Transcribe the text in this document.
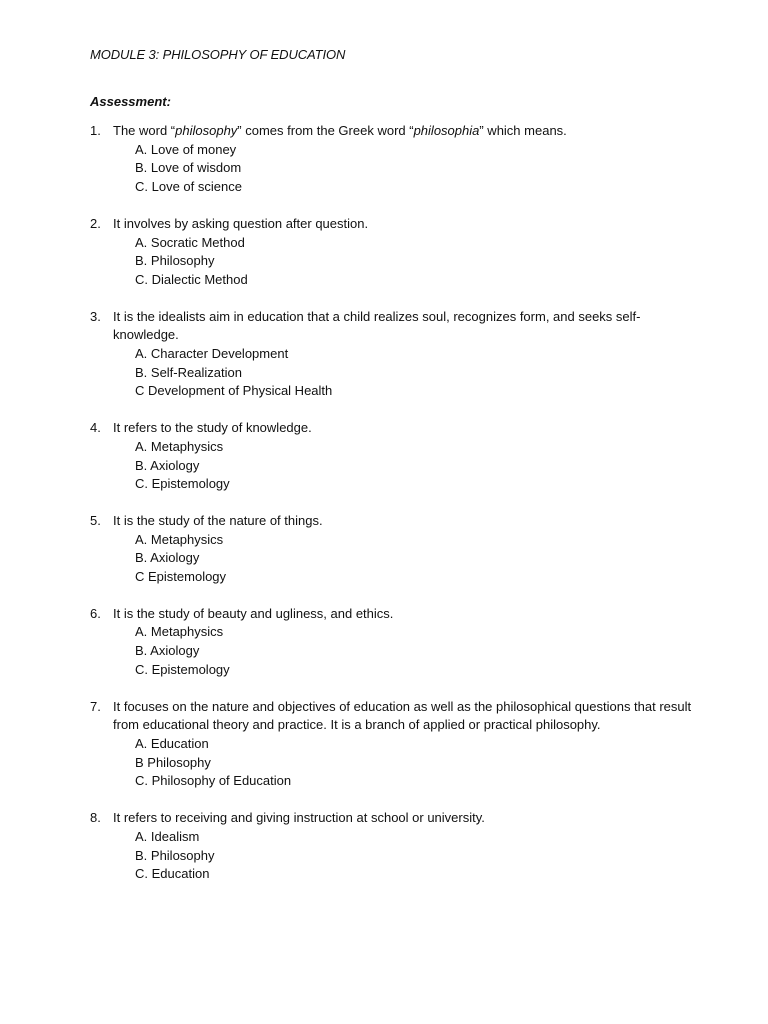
MODULE 3: PHILOSOPHY OF EDUCATION
Assessment:
1. The word “philosophy” comes from the Greek word “philosophia” which means.
A. Love of money
B. Love of wisdom
C. Love of science
2. It involves by asking question after question.
A. Socratic Method
B. Philosophy
C. Dialectic Method
3. It is the idealists aim in education that a child realizes soul, recognizes form, and seeks self-knowledge.
A. Character Development
B. Self-Realization
C Development of Physical Health
4. It refers to the study of knowledge.
A. Metaphysics
B. Axiology
C. Epistemology
5. It is the study of the nature of things.
A. Metaphysics
B. Axiology
C Epistemology
6. It is the study of beauty and ugliness, and ethics.
A. Metaphysics
B. Axiology
C. Epistemology
7. It focuses on the nature and objectives of education as well as the philosophical questions that result from educational theory and practice. It is a branch of applied or practical philosophy.
A. Education
B Philosophy
C. Philosophy of Education
8. It refers to receiving and giving instruction at school or university.
A. Idealism
B. Philosophy
C. Education
